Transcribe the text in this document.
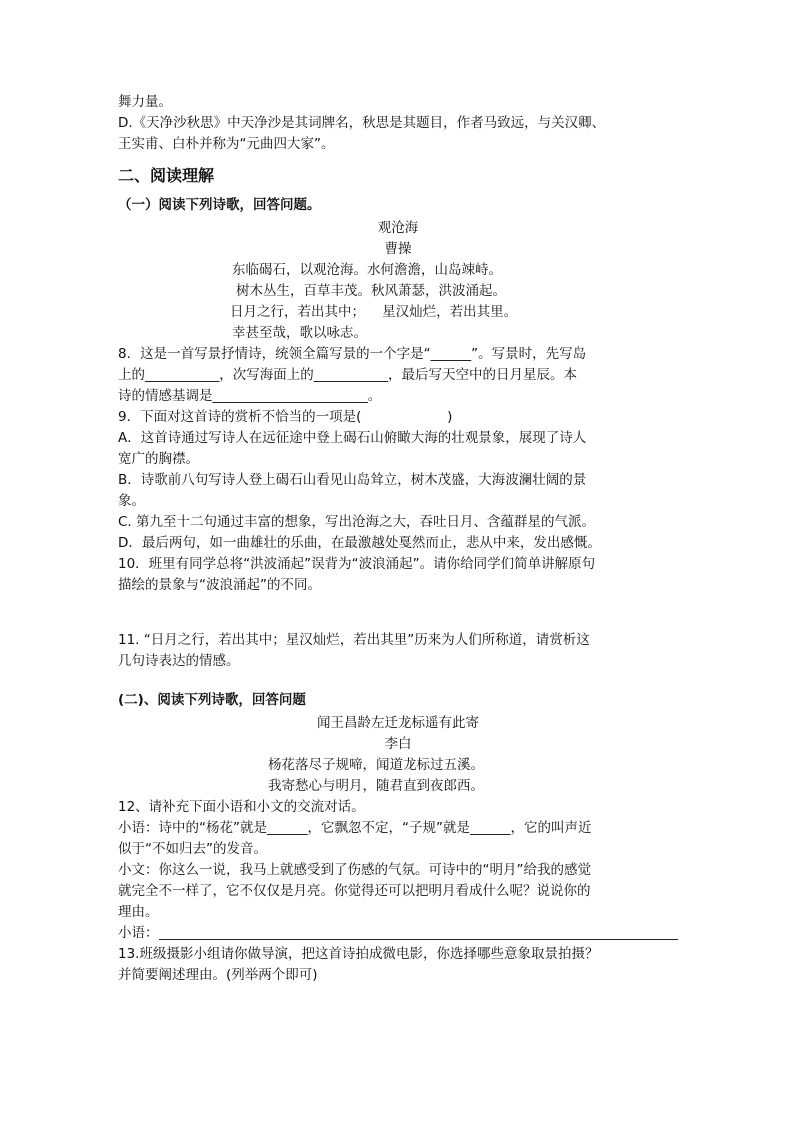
舞力量。

D.《天净沙秋思》中天净沙是其词牌名，秋思是其题目，作者马致远，与关汉卿、

王实甫、白朴并称为“元曲四大家”。

二、阅读理解
（一）阅读下列诗歌，回答问题。

观沧海

曹操

东临碣石，以观沧海。水何澹澹，山岛竦峙。

树木丛生，百草丰茂。秋风萧瑟，洪波涌起。

日月之行，若出其中；    星汉灿烂，若出其里。

幸甚至哉，歌以咏志。

8．这是一首写景抒情诗，统领全篇写景的一个字是“______”。写景时，先写岛

上的___________，次写海面上的___________，最后写天空中的日月星辰。本

诗的情感基调是_______________________。

9．下面对这首诗的赏析不恰当的一项是(                    )

A．这首诗通过写诗人在远征途中登上碣石山俯瞰大海的壮观景象，展现了诗人

宽广的胸襟。

B．诗歌前八句写诗人登上碣石山看见山岛耸立，树木茂盛，大海波澜壮阔的景

象。

C. 第九至十二句通过丰富的想象，写出沧海之大，吞吐日月、含蕴群星的气派。

D．最后两句，如一曲雄壮的乐曲，在最激越处戛然而止，悲从中来，发出感慨。

10．班里有同学总将“洪波涌起”误背为“波浪涌起”。请你给同学们简单讲解原句

描绘的景象与“波浪涌起”的不同。

11. “日月之行，若出其中；星汉灿烂，若出其里”历来为人们所称道，请赏析这

几句诗表达的情感。

(二)、阅读下列诗歌，回答问题

闻王昌龄左迁龙标遥有此寄

李白

杨花落尽子规啼，闻道龙标过五溪。

我寄愁心与明月，随君直到夜郎西。

12、请补充下面小语和小文的交流对话。

小语：诗中的“杨花”就是______，它飘忽不定，“子规”就是______，它的叫声近

似于“不如归去”的发音。

小文：你这么一说，我马上就感受到了伤感的气氛。可诗中的“明月”给我的感觉

就完全不一样了，它不仅仅是月亮。你觉得还可以把明月看成什么呢？说说你的

理由。

小语：

13.班级摄影小组请你做导演，把这首诗拍成微电影，你选择哪些意象取景拍摄？

并简要阐述理由。(列举两个即可)
